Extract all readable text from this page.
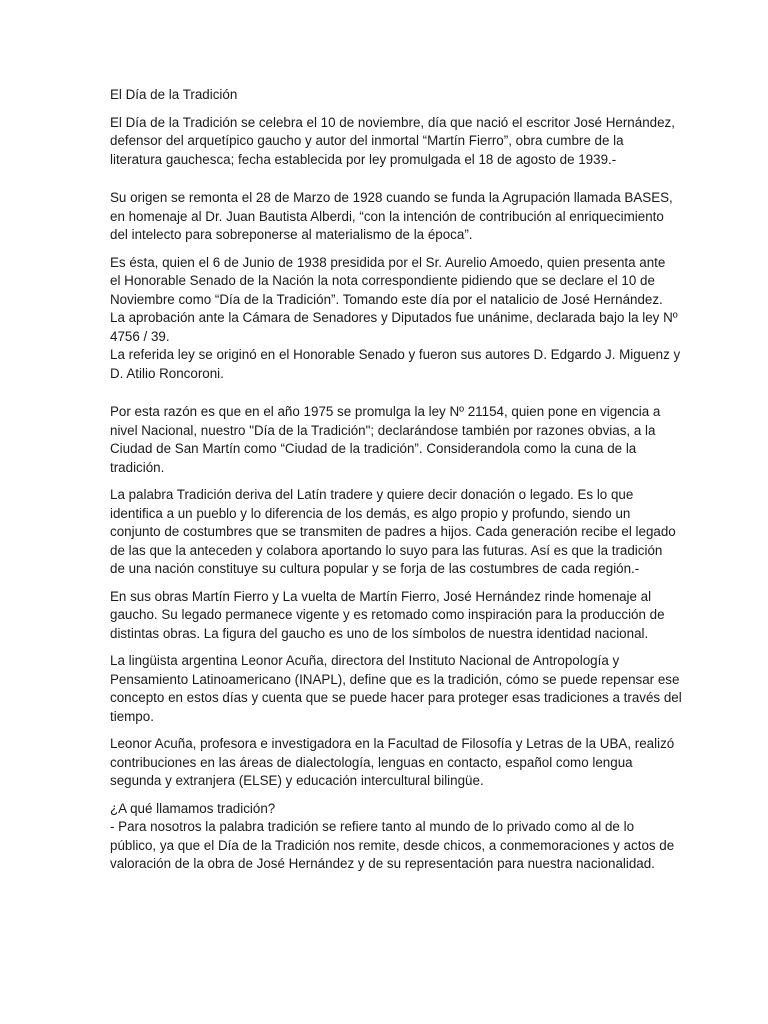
El Día de la Tradición

El Día de la Tradición se celebra el 10 de noviembre, día que nació el escritor José Hernández,
defensor del arquetípico gaucho y autor del inmortal “Martín Fierro”, obra cumbre de la
literatura gauchesca; fecha establecida por ley promulgada el 18 de agosto de 1939.-

Su origen se remonta el 28 de Marzo de 1928 cuando se funda la Agrupación llamada BASES,
en homenaje al Dr. Juan Bautista Alberdi, “con la intención de contribución al enriquecimiento
del intelecto para sobreponerse al materialismo de la época”.

Es ésta, quien el 6 de Junio de 1938 presidida por el Sr. Aurelio Amoedo, quien presenta ante
el Honorable Senado de la Nación la nota correspondiente pidiendo que se declare el 10 de
Noviembre como “Día de la Tradición”. Tomando este día por el natalicio de José Hernández.
La aprobación ante la Cámara de Senadores y Diputados fue unánime, declarada bajo la ley Nº
4756 / 39.
La referida ley se originó en el Honorable Senado y fueron sus autores D. Edgardo J. Miguenz y
D. Atilio Roncoroni.

Por esta razón es que en el año 1975 se promulga la ley Nº 21154, quien pone en vigencia a
nivel Nacional, nuestro "Día de la Tradición"; declarándose también por razones obvias, a la
Ciudad de San Martín como “Ciudad de la tradición”. Considerandola como la cuna de la
tradición.

La palabra Tradición deriva del Latín tradere y quiere decir donación o legado. Es lo que
identifica a un pueblo y lo diferencia de los demás, es algo propio y profundo, siendo un
conjunto de costumbres que se transmiten de padres a hijos. Cada generación recibe el legado
de las que la anteceden y colabora aportando lo suyo para las futuras. Así es que la tradición
de una nación constituye su cultura popular y se forja de las costumbres de cada región.-

En sus obras Martín Fierro y La vuelta de Martín Fierro, José Hernández rinde homenaje al
gaucho. Su legado permanece vigente y es retomado como inspiración para la producción de
distintas obras. La figura del gaucho es uno de los símbolos de nuestra identidad nacional.

La lingüista argentina Leonor Acuña, directora del Instituto Nacional de Antropología y
Pensamiento Latinoamericano (INAPL), define que es la tradición, cómo se puede repensar ese
concepto en estos días y cuenta que se puede hacer para proteger esas tradiciones a través del
tiempo.

Leonor Acuña, profesora e investigadora en la Facultad de Filosofía y Letras de la UBA, realizó
contribuciones en las áreas de dialectología, lenguas en contacto, español como lengua
segunda y extranjera (ELSE) y educación intercultural bilingüe.

¿A qué llamamos tradición?
- Para nosotros la palabra tradición se refiere tanto al mundo de lo privado como al de lo
público, ya que el Día de la Tradición nos remite, desde chicos, a conmemoraciones y actos de
valoración de la obra de José Hernández y de su representación para nuestra nacionalidad.
